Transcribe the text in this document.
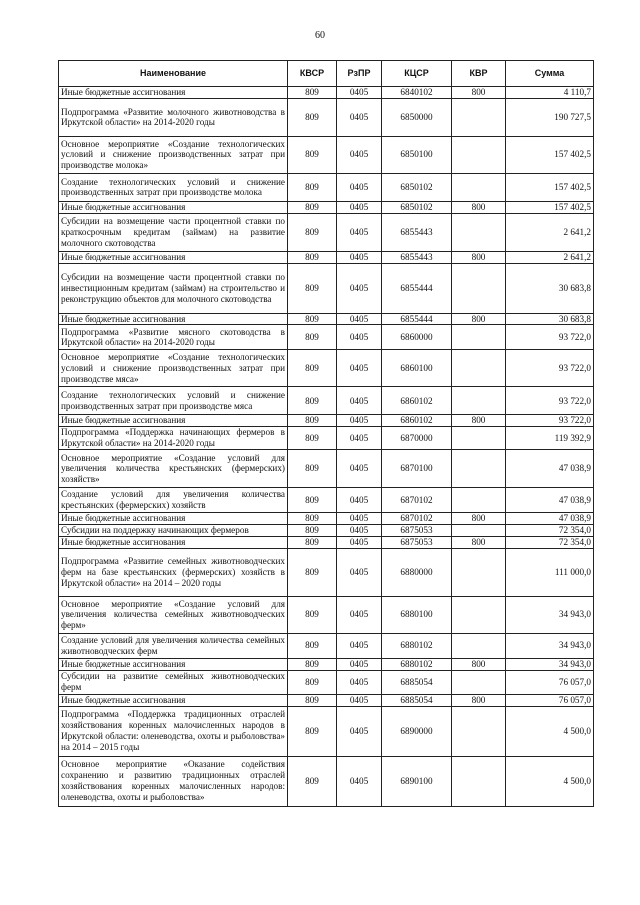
60
Наименование	КВСР	РзПР	КЦСР	КВР	Сумма
Иные бюджетные ассигнования	809	0405	6840102	800	4 110,7
Подпрограмма «Развитие молочного животноводства в Иркутской области» на 2014-2020 годы	809	0405	6850000		190 727,5
Основное мероприятие «Создание технологических условий и снижение производственных затрат при производстве молока»	809	0405	6850100		157 402,5
Создание технологических условий и снижение производственных затрат при производстве молока	809	0405	6850102		157 402,5
Иные бюджетные ассигнования	809	0405	6850102	800	157 402,5
Субсидии на возмещение части процентной ставки по краткосрочным кредитам (займам) на развитие молочного скотоводства	809	0405	6855443		2 641,2
Иные бюджетные ассигнования	809	0405	6855443	800	2 641,2
Субсидии на возмещение части процентной ставки по инвестиционным кредитам (займам) на строительство и реконструкцию объектов для молочного скотоводства	809	0405	6855444		30 683,8
Иные бюджетные ассигнования	809	0405	6855444	800	30 683,8
Подпрограмма «Развитие мясного скотоводства в Иркутской области» на 2014-2020 годы	809	0405	6860000		93 722,0
Основное мероприятие «Создание технологических условий и снижение производственных затрат при производстве мяса»	809	0405	6860100		93 722,0
Создание технологических условий и снижение производственных затрат при производстве мяса	809	0405	6860102		93 722,0
Иные бюджетные ассигнования	809	0405	6860102	800	93 722,0
Подпрограмма «Поддержка начинающих фермеров в Иркутской области» на 2014-2020 годы	809	0405	6870000		119 392,9
Основное мероприятие «Создание условий для увеличения количества крестьянских (фермерских) хозяйств»	809	0405	6870100		47 038,9
Создание условий для увеличения количества крестьянских (фермерских) хозяйств	809	0405	6870102		47 038,9
Иные бюджетные ассигнования	809	0405	6870102	800	47 038,9
Субсидии на поддержку начинающих фермеров	809	0405	6875053		72 354,0
Иные бюджетные ассигнования	809	0405	6875053	800	72 354,0
Подпрограмма «Развитие семейных животноводческих ферм на базе крестьянских (фермерских) хозяйств в Иркутской области» на 2014 – 2020 годы	809	0405	6880000		111 000,0
Основное мероприятие «Создание условий для увеличения количества семейных животноводческих ферм»	809	0405	6880100		34 943,0
Создание условий для увеличения количества семейных животноводческих ферм	809	0405	6880102		34 943,0
Иные бюджетные ассигнования	809	0405	6880102	800	34 943,0
Субсидии на развитие семейных животноводческих ферм	809	0405	6885054		76 057,0
Иные бюджетные ассигнования	809	0405	6885054	800	76 057,0
Подпрограмма «Поддержка традиционных отраслей хозяйствования коренных малочисленных народов в Иркутской области: оленеводства, охоты и рыболовства» на 2014 – 2015 годы	809	0405	6890000		4 500,0
Основное мероприятие «Оказание содействия сохранению и развитию традиционных отраслей хозяйствования коренных малочисленных народов: оленеводства, охоты и рыболовства»	809	0405	6890100		4 500,0
